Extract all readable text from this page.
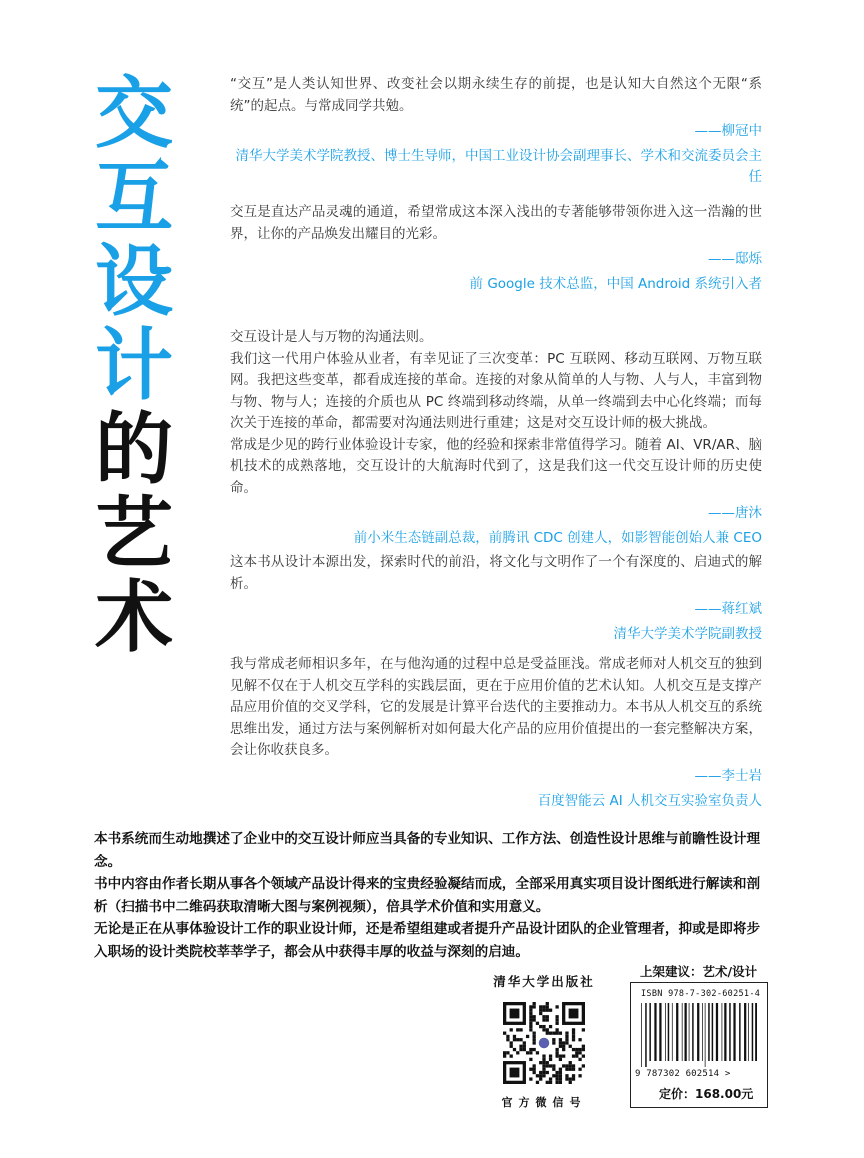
交
互
设
计
的
艺
术

“交互”是人类认知世界、改变社会以期永续生存的前提，也是认知大自然这个无限“系统”的起点。与常成同学共勉。

——柳冠中
清华大学美术学院教授、博士生导师，中国工业设计协会副理事长、学术和交流委员会主任

交互是直达产品灵魂的通道，希望常成这本深入浅出的专著能够带领你进入这一浩瀚的世界，让你的产品焕发出耀目的光彩。

——邸烁
前 Google 技术总监，中国 Android 系统引入者

交互设计是人与万物的沟通法则。

我们这一代用户体验从业者，有幸见证了三次变革：PC 互联网、移动互联网、万物互联网。我把这些变革，都看成连接的革命。连接的对象从简单的人与物、人与人，丰富到物与物、物与人；连接的介质也从 PC 终端到移动终端，从单一终端到去中心化终端；而每次关于连接的革命，都需要对沟通法则进行重建；这是对交互设计师的极大挑战。

常成是少见的跨行业体验设计专家，他的经验和探索非常值得学习。随着 AI、VR/AR、脑机技术的成熟落地，交互设计的大航海时代到了，这是我们这一代交互设计师的历史使命。

——唐沐
前小米生态链副总裁，前腾讯 CDC 创建人，如影智能创始人兼 CEO

这本书从设计本源出发，探索时代的前沿，将文化与文明作了一个有深度的、启迪式的解析。

——蒋红斌
清华大学美术学院副教授

我与常成老师相识多年，在与他沟通的过程中总是受益匪浅。常成老师对人机交互的独到见解不仅在于人机交互学科的实践层面，更在于应用价值的艺术认知。人机交互是支撑产品应用价值的交叉学科，它的发展是计算平台迭代的主要推动力。本书从人机交互的系统思维出发，通过方法与案例解析对如何最大化产品的应用价值提出的一套完整解决方案，会让你收获良多。

——李士岩
百度智能云 AI 人机交互实验室负责人

本书系统而生动地撰述了企业中的交互设计师应当具备的专业知识、工作方法、创造性设计思维与前瞻性设计理念。

书中内容由作者长期从事各个领域产品设计得来的宝贵经验凝结而成，全部采用真实项目设计图纸进行解读和剖析（扫描书中二维码获取清晰大图与案例视频），倍具学术价值和实用意义。

无论是正在从事体验设计工作的职业设计师，还是希望组建或者提升产品设计团队的企业管理者，抑或是即将步入职场的设计类院校莘莘学子，都会从中获得丰厚的收益与深刻的启迪。

清华大学出版社
官方微信号
上架建议：艺术/设计
ISBN 978-7-302-60251-4
9 787302 602514 >
定价：168.00元
